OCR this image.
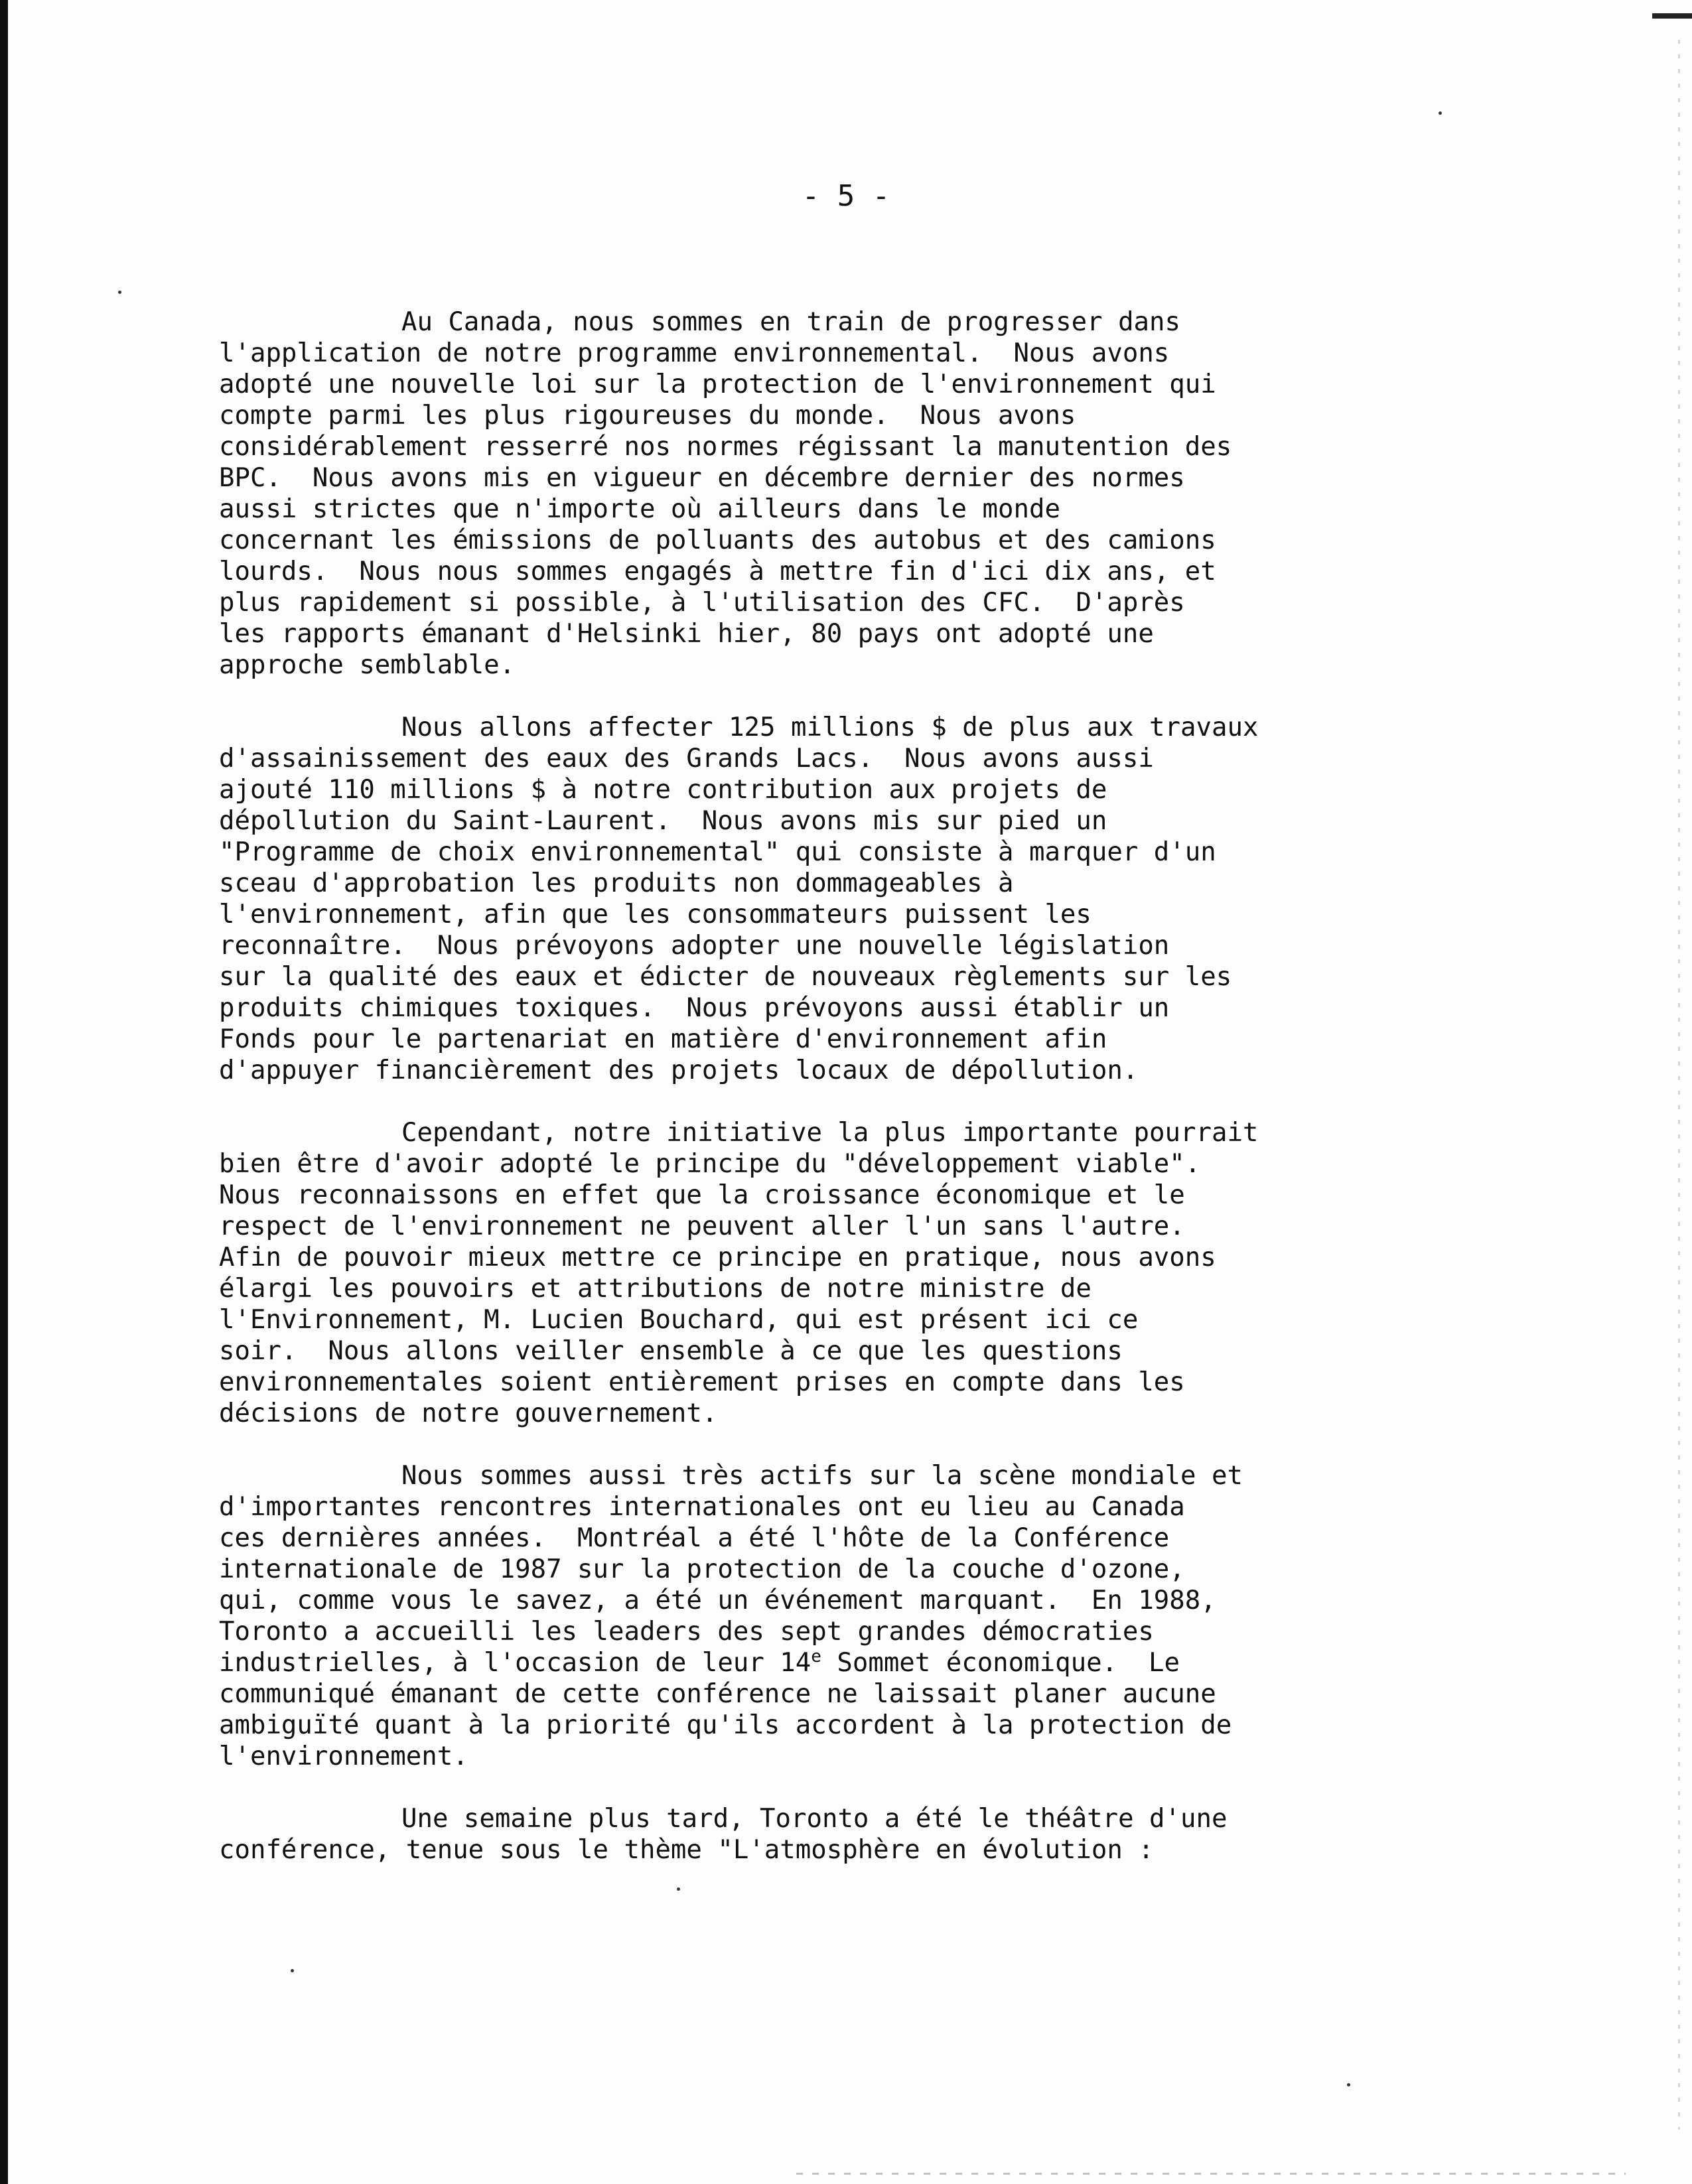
- 5 -

Au Canada, nous sommes en train de progresser dans
l'application de notre programme environnemental.  Nous avons
adopté une nouvelle loi sur la protection de l'environnement qui
compte parmi les plus rigoureuses du monde.  Nous avons
considérablement resserré nos normes régissant la manutention des
BPC.  Nous avons mis en vigueur en décembre dernier des normes
aussi strictes que n'importe où ailleurs dans le monde
concernant les émissions de polluants des autobus et des camions
lourds.  Nous nous sommes engagés à mettre fin d'ici dix ans, et
plus rapidement si possible, à l'utilisation des CFC.  D'après
les rapports émanant d'Helsinki hier, 80 pays ont adopté une
approche semblable.
Nous allons affecter 125 millions $ de plus aux travaux
d'assainissement des eaux des Grands Lacs.  Nous avons aussi
ajouté 110 millions $ à notre contribution aux projets de
dépollution du Saint-Laurent.  Nous avons mis sur pied un
"Programme de choix environnemental" qui consiste à marquer d'un
sceau d'approbation les produits non dommageables à
l'environnement, afin que les consommateurs puissent les
reconnaître.  Nous prévoyons adopter une nouvelle législation
sur la qualité des eaux et édicter de nouveaux règlements sur les
produits chimiques toxiques.  Nous prévoyons aussi établir un
Fonds pour le partenariat en matière d'environnement afin
d'appuyer financièrement des projets locaux de dépollution.
Cependant, notre initiative la plus importante pourrait
bien être d'avoir adopté le principe du "développement viable".
Nous reconnaissons en effet que la croissance économique et le
respect de l'environnement ne peuvent aller l'un sans l'autre.
Afin de pouvoir mieux mettre ce principe en pratique, nous avons
élargi les pouvoirs et attributions de notre ministre de
l'Environnement, M. Lucien Bouchard, qui est présent ici ce
soir.  Nous allons veiller ensemble à ce que les questions
environnementales soient entièrement prises en compte dans les
décisions de notre gouvernement.
Nous sommes aussi très actifs sur la scène mondiale et
d'importantes rencontres internationales ont eu lieu au Canada
ces dernières années.  Montréal a été l'hôte de la Conférence
internationale de 1987 sur la protection de la couche d'ozone,
qui, comme vous le savez, a été un événement marquant.  En 1988,
Toronto a accueilli les leaders des sept grandes démocraties
industrielles, à l'occasion de leur 14e Sommet économique.  Le
communiqué émanant de cette conférence ne laissait planer aucune
ambiguïté quant à la priorité qu'ils accordent à la protection de
l'environnement.
Une semaine plus tard, Toronto a été le théâtre d'une
conférence, tenue sous le thème "L'atmosphère en évolution :
